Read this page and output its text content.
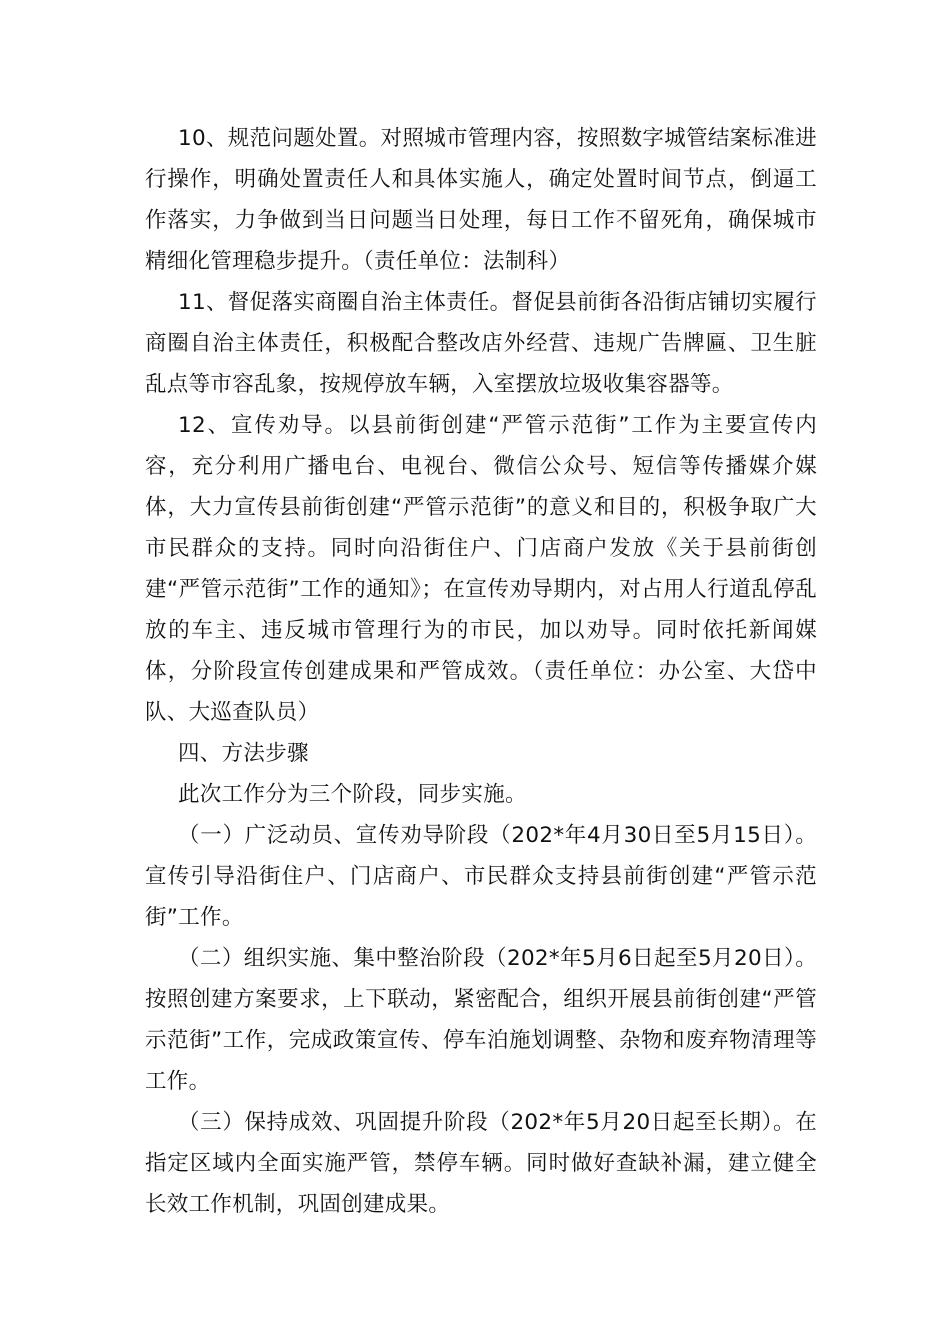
10、规范问题处置。对照城市管理内容，按照数字城管结案标准进行操作，明确处置责任人和具体实施人，确定处置时间节点，倒逼工作落实，力争做到当日问题当日处理，每日工作不留死角，确保城市精细化管理稳步提升。（责任单位：法制科）

11、督促落实商圈自治主体责任。督促县前街各沿街店铺切实履行商圈自治主体责任，积极配合整改店外经营、违规广告牌匾、卫生脏乱点等市容乱象，按规停放车辆，入室摆放垃圾收集容器等。

12、宣传劝导。以县前街创建“严管示范街”工作为主要宣传内容，充分利用广播电台、电视台、微信公众号、短信等传播媒介媒体，大力宣传县前街创建“严管示范街”的意义和目的，积极争取广大市民群众的支持。同时向沿街住户、门店商户发放《关于县前街创建“严管示范街”工作的通知》；在宣传劝导期内，对占用人行道乱停乱放的车主、违反城市管理行为的市民，加以劝导。同时依托新闻媒体，分阶段宣传创建成果和严管成效。（责任单位：办公室、大岱中队、大巡查队员）

四、方法步骤

此次工作分为三个阶段，同步实施。

（一）广泛动员、宣传劝导阶段（202*年4月30日至5月15日）。宣传引导沿街住户、门店商户、市民群众支持县前街创建“严管示范街”工作。

（二）组织实施、集中整治阶段（202*年5月6日起至5月20日）。按照创建方案要求，上下联动，紧密配合，组织开展县前街创建“严管示范街”工作，完成政策宣传、停车泊施划调整、杂物和废弃物清理等工作。

（三）保持成效、巩固提升阶段（202*年5月20日起至长期）。在指定区域内全面实施严管，禁停车辆。同时做好查缺补漏，建立健全长效工作机制，巩固创建成果。
